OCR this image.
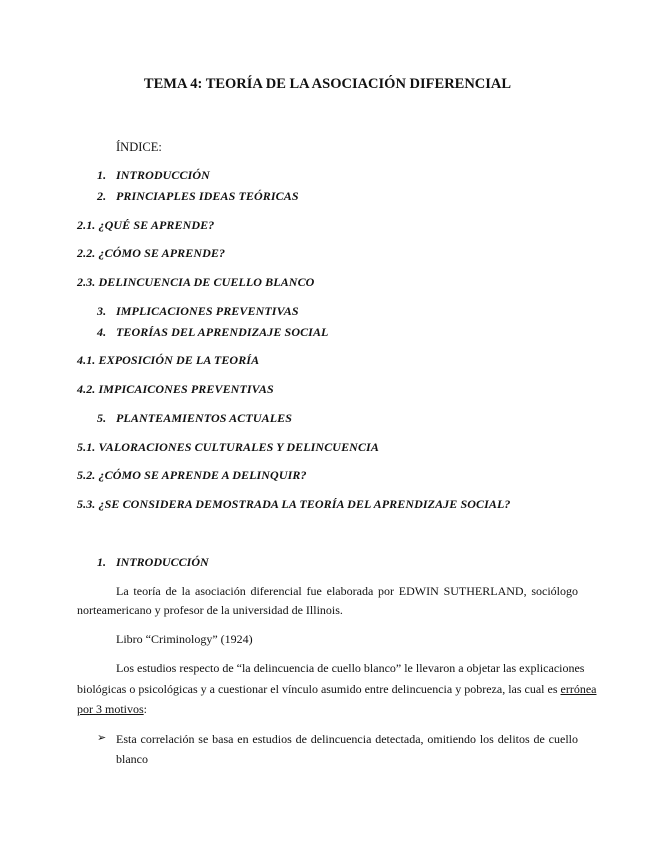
TEMA 4: TEORÍA DE LA ASOCIACIÓN DIFERENCIAL
ÍNDICE:
1. INTRODUCCIÓN
2. PRINCIAPLES IDEAS TEÓRICAS
2.1. ¿QUÉ SE APRENDE?
2.2. ¿CÓMO SE APRENDE?
2.3. DELINCUENCIA DE CUELLO BLANCO
3. IMPLICACIONES PREVENTIVAS
4. TEORÍAS DEL APRENDIZAJE SOCIAL
4.1. EXPOSICIÓN DE LA TEORÍA
4.2. IMPICAICONES PREVENTIVAS
5. PLANTEAMIENTOS ACTUALES
5.1. VALORACIONES CULTURALES Y DELINCUENCIA
5.2. ¿CÓMO SE APRENDE A DELINQUIR?
5.3. ¿SE CONSIDERA DEMOSTRADA LA TEORÍA DEL APRENDIZAJE SOCIAL?
1. INTRODUCCIÓN
La teoría de la asociación diferencial fue elaborada por EDWIN SUTHERLAND, sociólogo
norteamericano y profesor de la universidad de Illinois.
Libro “Criminology” (1924)
Los estudios respecto de “la delincuencia de cuello blanco” le llevaron a objetar las explicaciones
biológicas o psicológicas y a cuestionar el vínculo asumido entre delincuencia y pobreza, las cual es errónea
por 3 motivos:
➢ Esta correlación se basa en estudios de delincuencia detectada, omitiendo los delitos de cuello
blanco
